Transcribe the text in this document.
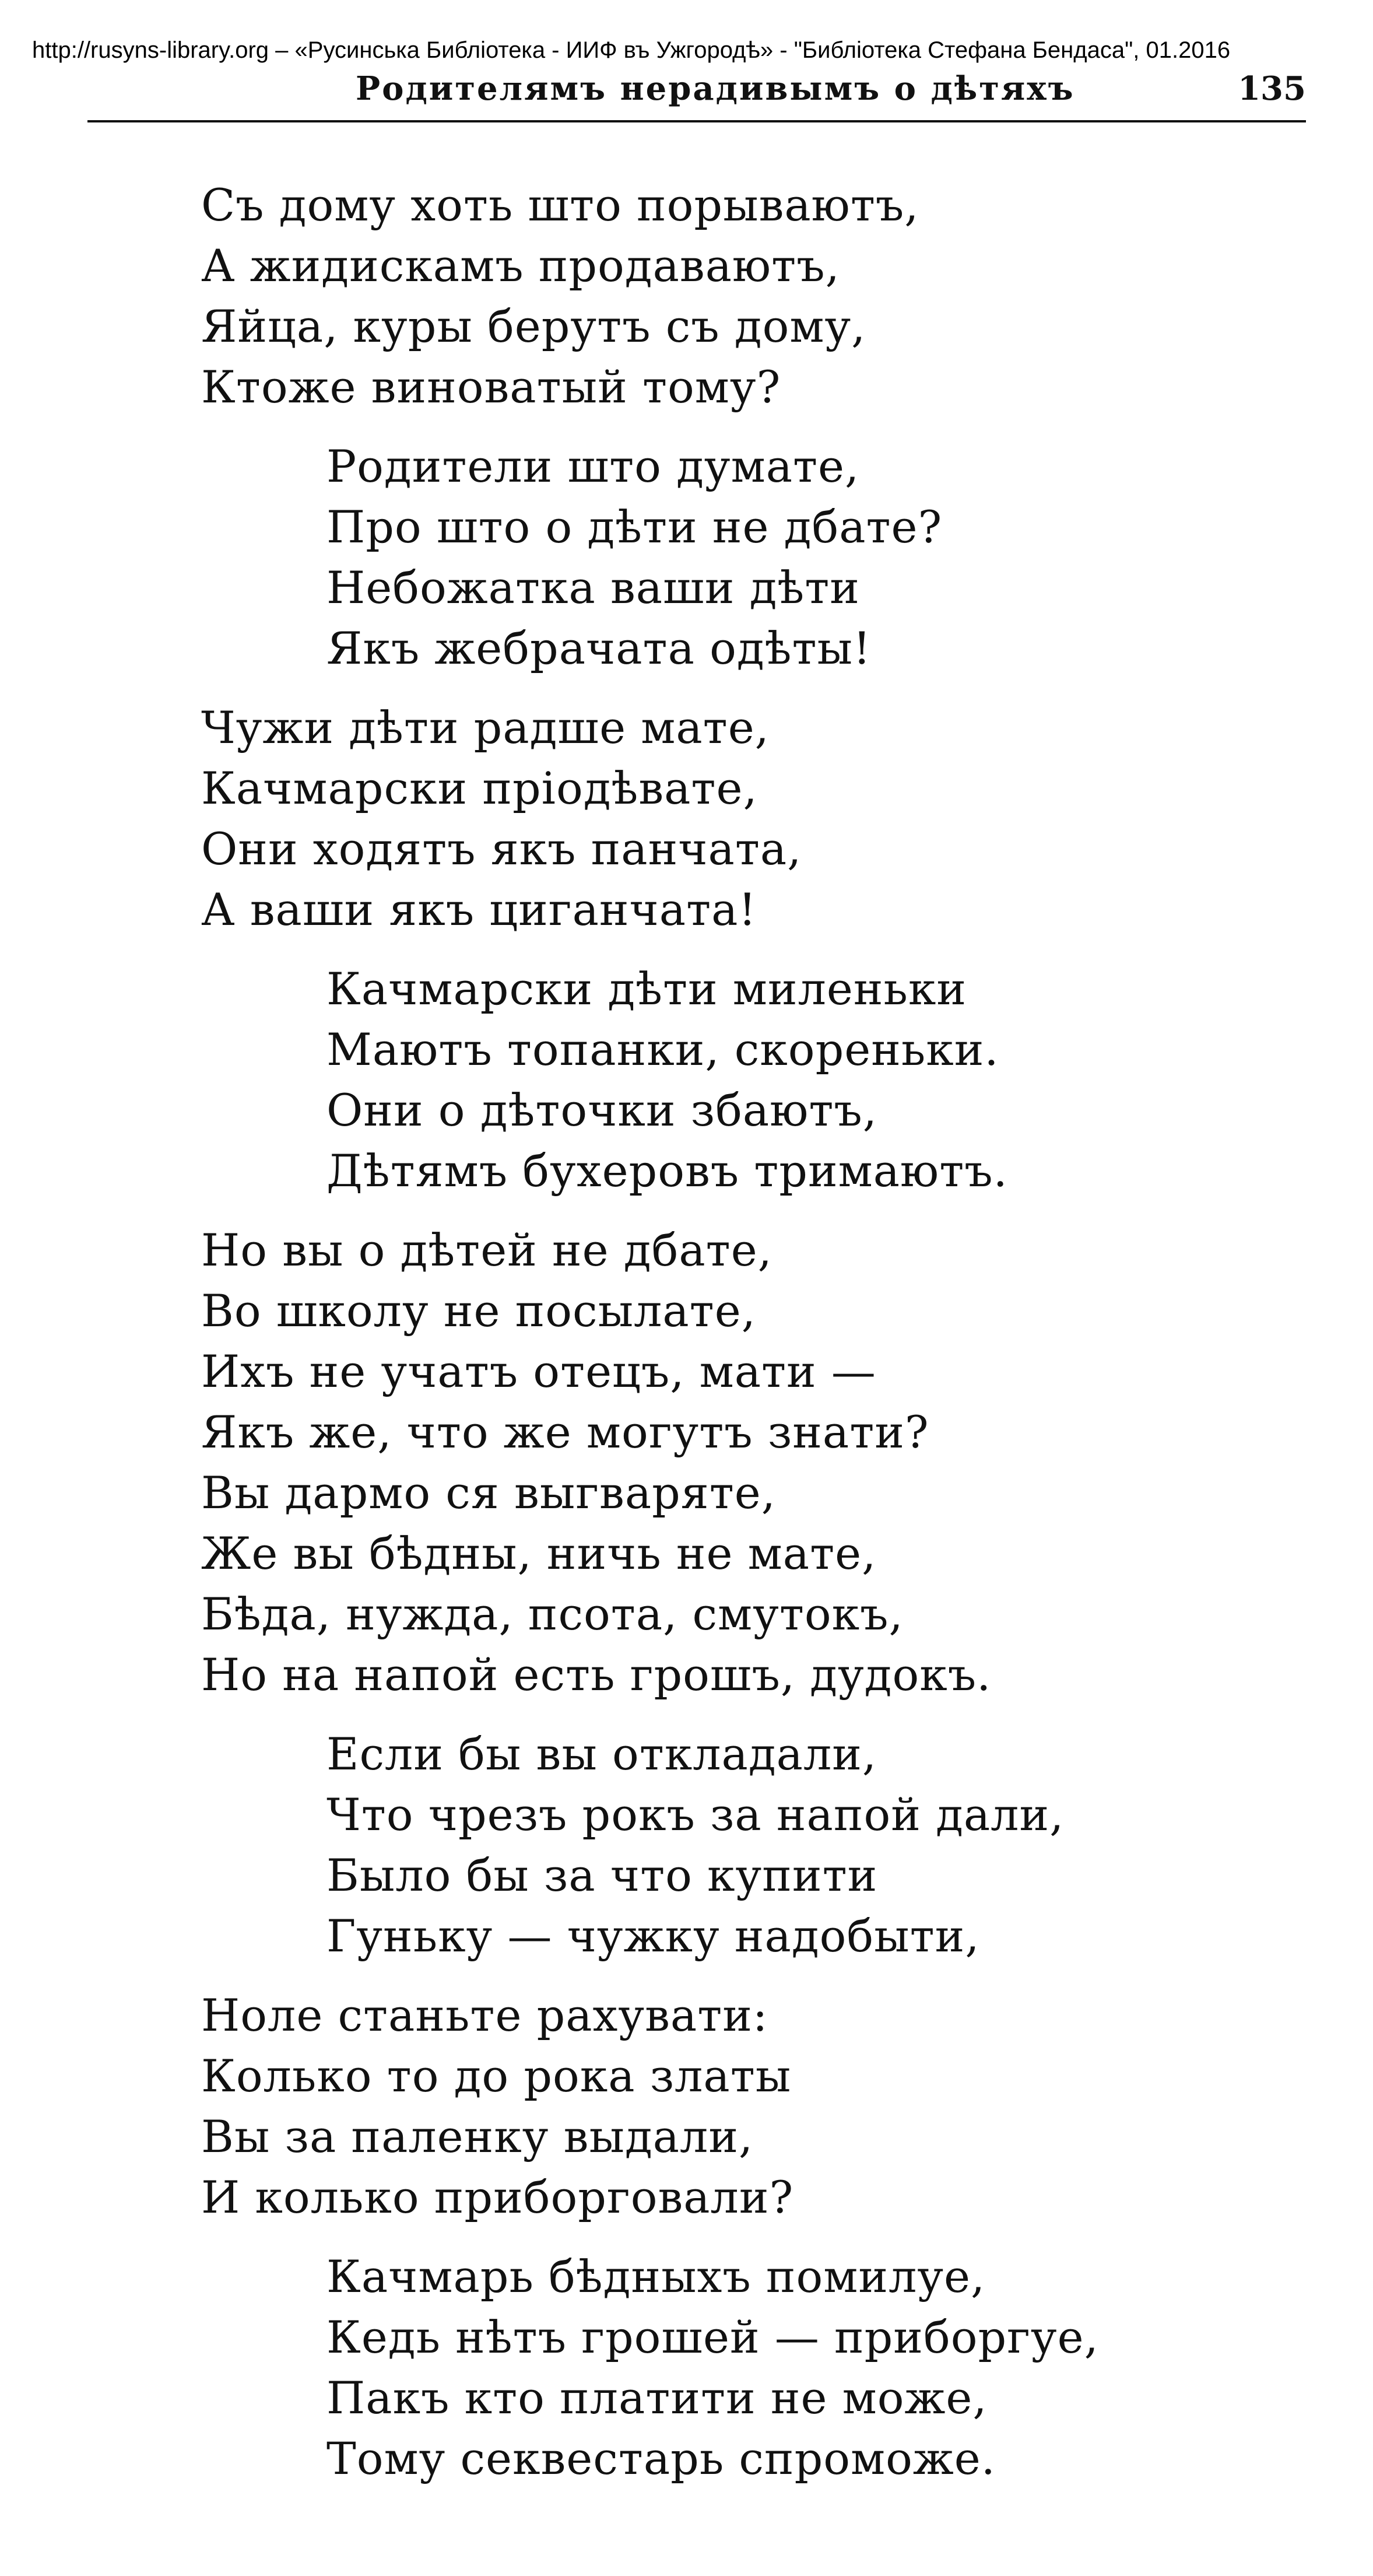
http://rusyns-library.org – «Русинська Библіотека - ИИФ въ Ужгородѣ» - "Библіотека Стефана Бендаса", 01.2016
Родителямъ нерадивымъ о дѣтяхъ	135
Съ дому хоть што порываютъ,
А жидискамъ продаваютъ,
Яйца, куры берутъ съ дому,
Ктоже виноватый тому?
Родители што думате,
Про што о дѣти не дбате?
Небожатка ваши дѣти
Якъ жебрачата одѣты!
Чужи дѣти радше мате,
Качмарски пріодѣвате,
Они ходятъ якъ панчата,
А ваши якъ циганчата!
Качмарски дѣти миленьки
Маютъ топанки, скореньки.
Они о дѣточки збаютъ,
Дѣтямъ бухеровъ тримаютъ.
Но вы о дѣтей не дбате,
Во школу не посылате,
Ихъ не учатъ отецъ, мати —
Якъ же, что же могутъ знати?
Вы дармо ся выгваряте,
Же вы бѣдны, ничь не мате,
Бѣда, нужда, псота, смутокъ,
Но на напой есть грошъ, дудокъ.
Если бы вы откладали,
Что чрезъ рокъ за напой дали,
Было бы за что купити
Гуньку — чужку надобыти,
Ноле станьте рахувати:
Колько то до рока златы
Вы за паленку выдали,
И колько приборговали?
Качмарь бѣдныхъ помилуе,
Кедь нѣтъ грошей — приборгуе,
Пакъ кто платити не може,
Тому секвестарь спроможе.
